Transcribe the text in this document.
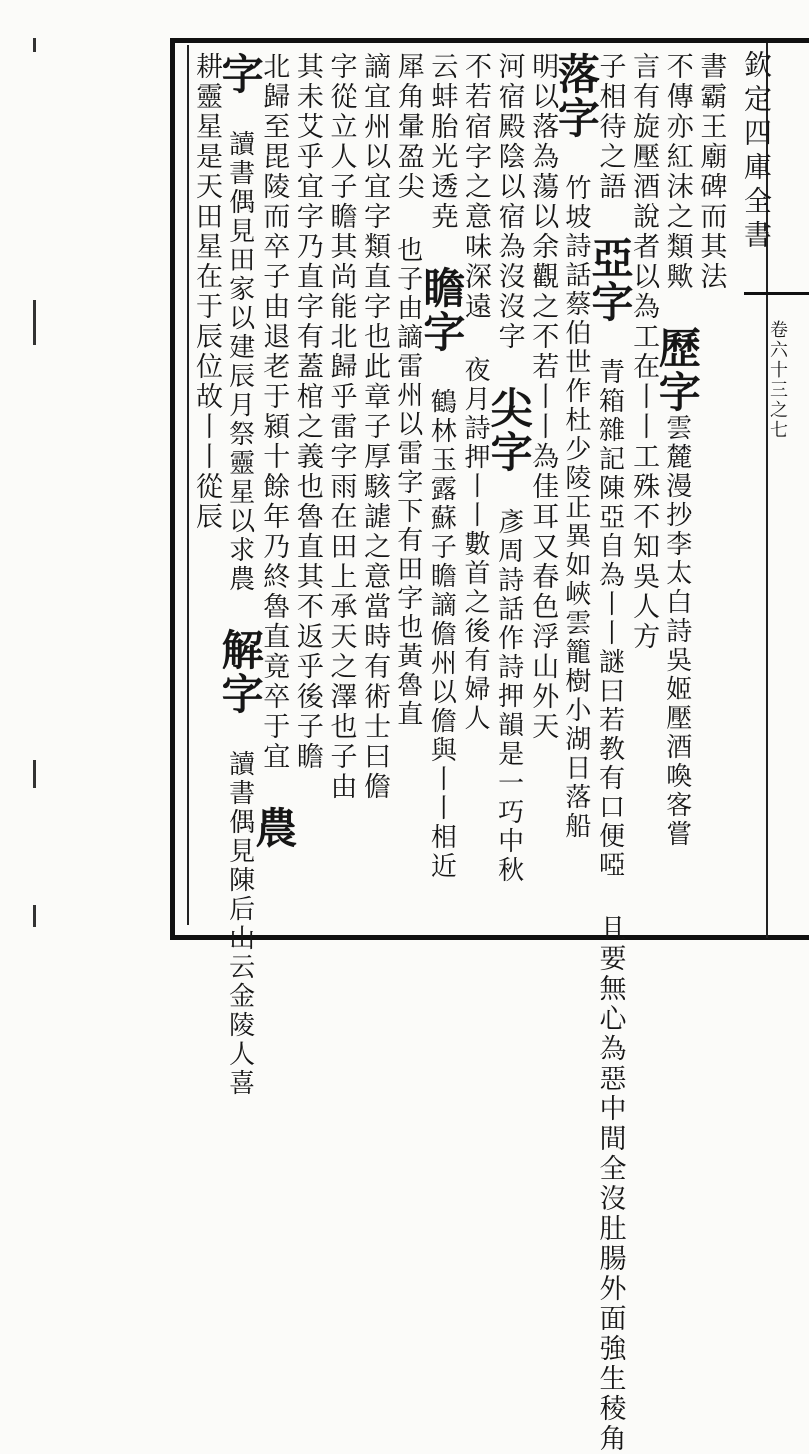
欽定四庫全書
卷六十三之七
書霸王廟碑而其法
不傳亦紅沫之類歟 歷字雲麓漫抄李太白詩吳姬壓酒喚客嘗
言有旋壓酒說者以為工在丨丨工殊不知吳人方
子相待之語 亞字 青箱雜記陳亞自為丨丨謎曰若教有口便啞 且要無心為惡中間全沒肚腸外面強生稜角
落字 竹坡詩話蔡伯世作杜少陵正異如峽雲籠樹小湖日落船
明以落為蕩以余觀之不若丨丨為佳耳又春色浮山外天
河宿殿陰以宿為沒沒字 尖字 彥周詩話作詩押韻是一巧中秋
不若宿字之意味深遠 夜月詩押丨丨數首之後有婦人
云蚌胎光透尭 瞻字 鶴林玉露蘇子瞻謫儋州以儋與丨丨相近
犀角暈盈尖 也子由謫雷州以雷字下有田字也黃魯直
謫宜州以宜字類直字也此章子厚駭謔之意當時有術士曰儋
字從立人子瞻其尚能北歸乎雷字雨在田上承天之澤也子由
其未艾乎宜字乃直字有蓋棺之義也魯直其不返乎後子瞻
北歸至毘陵而卒子由退老于潁十餘年乃終魯直竟卒于宜 農
字 讀書偶見田家以建辰月祭靈星以求農 解字 讀書偶見陳后山云金陵人喜
耕靈星是天田星在于辰位故丨丨從辰
